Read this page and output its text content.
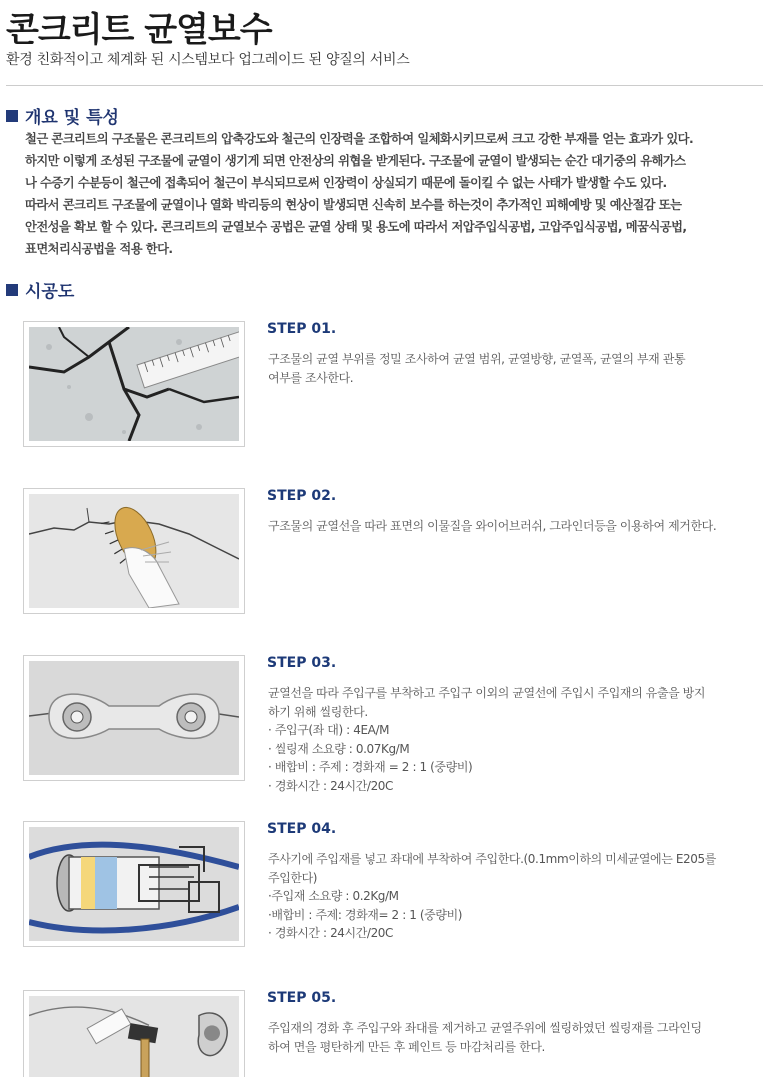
콘크리트 균열보수
환경 친화적이고 체계화 된 시스템보다 업그레이드 된 양질의 서비스
개요 및 특성

철근 콘크리트의 구조물은 콘크리트의 압축강도와 철근의 인장력을 조합하여 일체화시키므로써 크고 강한 부재를 얻는 효과가 있다.

하지만 이렇게 조성된 구조물에 균열이 생기게 되면 안전상의 위협을 받게된다. 구조물에 균열이 발생되는 순간 대기중의 유해가스

나 수증기 수분등이 철근에 접촉되어 철근이 부식되므로써 인장력이 상실되기 때문에 돌이킬 수 없는 사태가 발생할 수도 있다.

따라서 콘크리트 구조물에 균열이나 열화 박리등의 현상이 발생되면 신속히 보수를 하는것이 추가적인 피해예방 및 예산절감 또는

안전성을 확보 할 수 있다. 콘크리트의 균열보수 공법은 균열 상태 및 용도에 따라서 저압주입식공법, 고압주입식공법, 메꿈식공법,

표면처리식공법을 적용 한다.

시공도
STEP 01.
구조물의 균열 부위를 정밀 조사하여 균열 범위, 균열방향, 균열폭, 균열의 부재 관통
여부를 조사한다.
STEP 02.
구조물의 균열선을 따라 표면의 이물질을 와이어브러쉬, 그라인더등을 이용하여 제거한다.
STEP 03.
균열선을 따라 주입구를 부착하고 주입구 이외의 균열선에 주입시 주입재의 유출을 방지
하기 위해 씰링한다.
· 주입구(좌 대) : 4EA/M
· 씰링재 소요량 : 0.07Kg/M
· 배합비 : 주제 : 경화재 = 2 : 1 (중량비)
· 경화시간 : 24시간/20C
STEP 04.
주사기에 주입재를 넣고 좌대에 부착하여 주입한다.(0.1mm이하의 미세균열에는 E205를
주입한다)
·주입재 소요량 : 0.2Kg/M
·배합비 : 주제: 경화재= 2 : 1 (중량비)
· 경화시간 : 24시간/20C
STEP 05.
주입재의 경화 후 주입구와 좌대를 제거하고 균열주위에 씰링하였던 씰링재를 그라인딩
하여 면을 평탄하게 만든 후 페인트 등 마감처리를 한다.
